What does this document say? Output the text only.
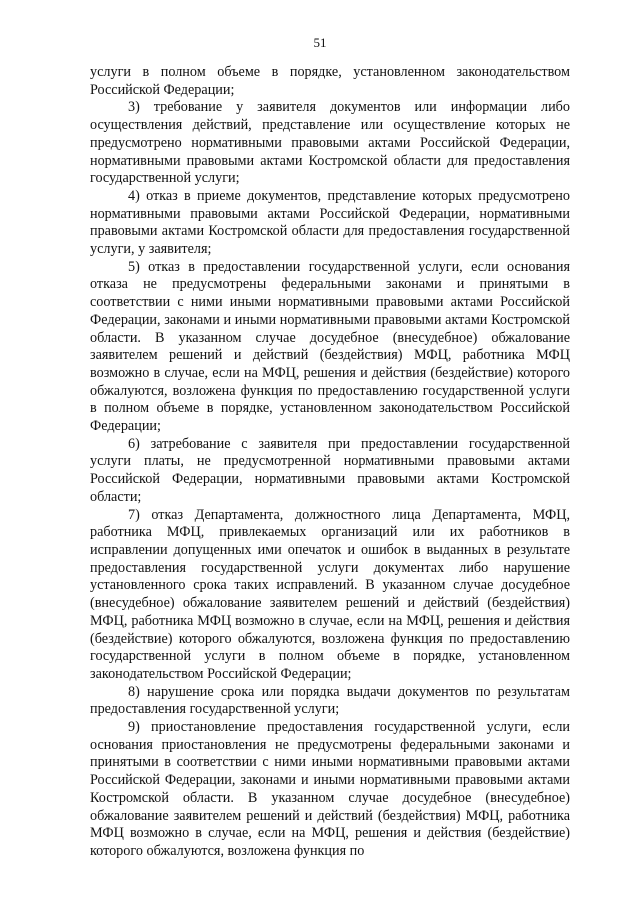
51

услуги в полном объеме в порядке, установленном законодательством Российской Федерации;

3) требование у заявителя документов или информации либо осуществления действий, представление или осуществление которых не предусмотрено нормативными правовыми актами Российской Федерации, нормативными правовыми актами Костромской области для предоставления государственной услуги;

4) отказ в приеме документов, представление которых предусмотрено нормативными правовыми актами Российской Федерации, нормативными правовыми актами Костромской области для предоставления государственной услуги, у заявителя;

5) отказ в предоставлении государственной услуги, если основания отказа не предусмотрены федеральными законами и принятыми в соответствии с ними иными нормативными правовыми актами Российской Федерации, законами и иными нормативными правовыми актами Костромской области. В указанном случае досудебное (внесудебное) обжалование заявителем решений и действий (бездействия) МФЦ, работника МФЦ возможно в случае, если на МФЦ, решения и действия (бездействие) которого обжалуются, возложена функция по предоставлению государственной услуги в полном объеме в порядке, установленном законодательством Российской Федерации;

6) затребование с заявителя при предоставлении государственной услуги платы, не предусмотренной нормативными правовыми актами Российской Федерации, нормативными правовыми актами Костромской области;

7) отказ Департамента, должностного лица Департамента, МФЦ, работника МФЦ, привлекаемых организаций или их работников в исправлении допущенных ими опечаток и ошибок в выданных в результате предоставления государственной услуги документах либо нарушение установленного срока таких исправлений. В указанном случае досудебное (внесудебное) обжалование заявителем решений и действий (бездействия) МФЦ, работника МФЦ возможно в случае, если на МФЦ, решения и действия (бездействие) которого обжалуются, возложена функция по предоставлению государственной услуги в полном объеме в порядке, установленном законодательством Российской Федерации;

8) нарушение срока или порядка выдачи документов по результатам предоставления государственной услуги;

9) приостановление предоставления государственной услуги, если основания приостановления не предусмотрены федеральными законами и принятыми в соответствии с ними иными нормативными правовыми актами Российской Федерации, законами и иными нормативными правовыми актами Костромской области. В указанном случае досудебное (внесудебное) обжалование заявителем решений и действий (бездействия) МФЦ, работника МФЦ возможно в случае, если на МФЦ, решения и действия (бездействие) которого обжалуются, возложена функция по
